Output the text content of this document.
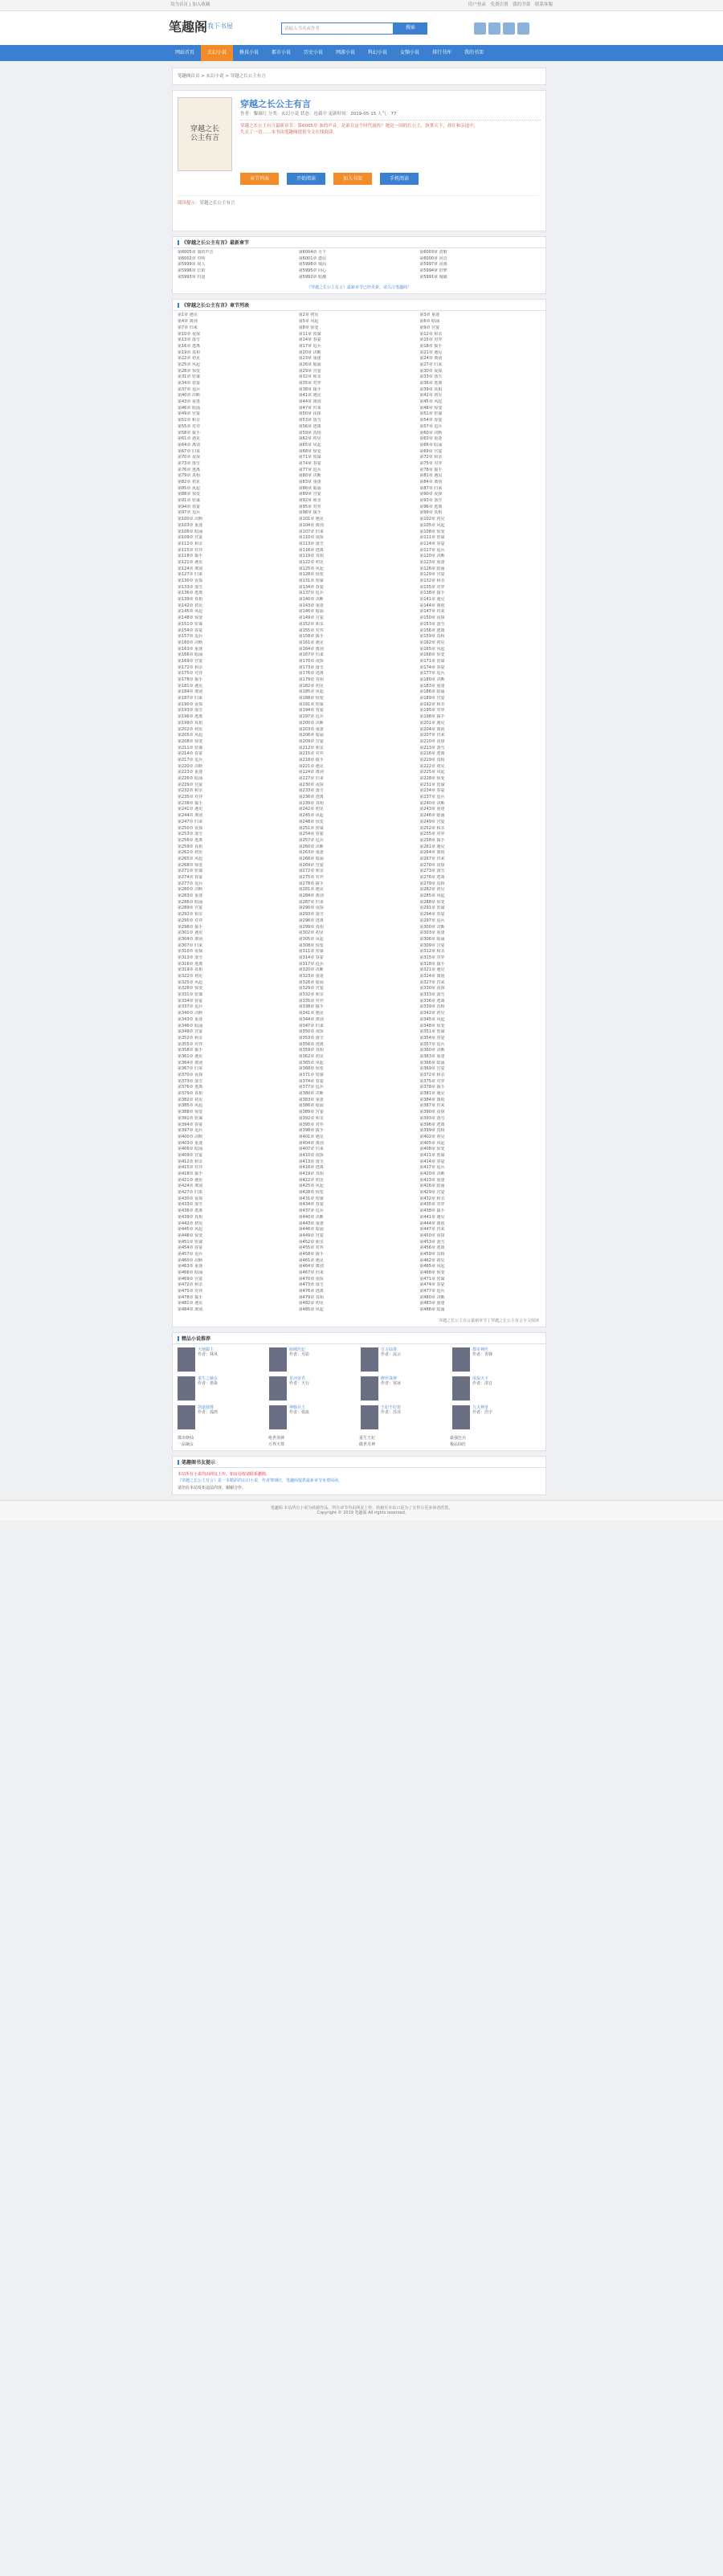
设为首页 | 加入收藏	用户登录 免费注册 我的书架 联系客服
笔趣阁 我下书屋	请输入书名或作者	搜索
网站首页	玄幻小说	修真小说	都市小说	历史小说	网游小说	科幻小说	女频小说	排行书库	我的书架
笔趣阁首页 > 玄幻小说 > 穿越之长公主有言
穿越之长
公主有言
穿越之长公主有言
作者：黎璃红 分类：玄幻小说 状态：连载中 更新时间：2019-05-15 人气：77
穿越之长公主有言最新章节：第6005章 血的声音，是谁在这个时代流传？她是一国的长公主，执掌天下，却在和亲途中，失去了一切……本书由笔趣阁提供全文在线阅读。
章节列表	开始阅读	加入书架	手机阅读
阅读提示：穿越之长公主有言
《穿越之长公主有言》最新章节
第6005章 血的声音	第6004章 月下	第6003章 清歌
第6002章 对峙	第6001章 遗诏	第6000章 回首
第5999章 故人	第5998章 残局	第5997章 夜雨
第5996章 长街	第5995章 问心	第5994章 旧梦
第5993章 归途	第5992章 暗潮	第5991章 城破
《穿越之长公主有言》最新章节已经更新，请关注笔趣阁！
《穿越之长公主有言》章节列表
第1章 遇见	第2章 初见	第3章 重逢
第4章 离别	第5章 风起	第6章 暗涌
第7章 归来	第8章 惊变	第9章 宫宴
第10章 夜探	第11章 密谋	第12章 和亲
第13章 落雪	第14章 春宴	第15章 对弈
第16章 逃离	第17章 追兵	第18章 援手
第19章 真相	第20章 决断	第21章 遇见
第22章 初见	第23章 重逢	第24章 离别
第25章 风起	第26章 暗涌	第27章 归来
第28章 惊变	第29章 宫宴	第30章 夜探
第31章 密谋	第32章 和亲	第33章 落雪
第34章 春宴	第35章 对弈	第36章 逃离
第37章 追兵	第38章 援手	第39章 真相
第40章 决断	第41章 遇见	第42章 初见
第43章 重逢	第44章 离别	第45章 风起
第46章 暗涌	第47章 归来	第48章 惊变
第49章 宫宴	第50章 夜探	第51章 密谋
第52章 和亲	第53章 落雪	第54章 春宴
第55章 对弈	第56章 逃离	第57章 追兵
第58章 援手	第59章 真相	第60章 决断
第61章 遇见	第62章 初见	第63章 重逢
第64章 离别	第65章 风起	第66章 暗涌
第67章 归来	第68章 惊变	第69章 宫宴
第70章 夜探	第71章 密谋	第72章 和亲
第73章 落雪	第74章 春宴	第75章 对弈
第76章 逃离	第77章 追兵	第78章 援手
第79章 真相	第80章 决断	第81章 遇见
第82章 初见	第83章 重逢	第84章 离别
第85章 风起	第86章 暗涌	第87章 归来
第88章 惊变	第89章 宫宴	第90章 夜探
第91章 密谋	第92章 和亲	第93章 落雪
第94章 春宴	第95章 对弈	第96章 逃离
第97章 追兵	第98章 援手	第99章 真相
第100章 决断	第101章 遇见	第102章 初见
第103章 重逢	第104章 离别	第105章 风起
第106章 暗涌	第107章 归来	第108章 惊变
第109章 宫宴	第110章 夜探	第111章 密谋
第112章 和亲	第113章 落雪	第114章 春宴
第115章 对弈	第116章 逃离	第117章 追兵
第118章 援手	第119章 真相	第120章 决断
第121章 遇见	第122章 初见	第123章 重逢
第124章 离别	第125章 风起	第126章 暗涌
第127章 归来	第128章 惊变	第129章 宫宴
第130章 夜探	第131章 密谋	第132章 和亲
第133章 落雪	第134章 春宴	第135章 对弈
第136章 逃离	第137章 追兵	第138章 援手
第139章 真相	第140章 决断	第141章 遇见
第142章 初见	第143章 重逢	第144章 离别
第145章 风起	第146章 暗涌	第147章 归来
第148章 惊变	第149章 宫宴	第150章 夜探
第151章 密谋	第152章 和亲	第153章 落雪
第154章 春宴	第155章 对弈	第156章 逃离
第157章 追兵	第158章 援手	第159章 真相
第160章 决断	第161章 遇见	第162章 初见
第163章 重逢	第164章 离别	第165章 风起
第166章 暗涌	第167章 归来	第168章 惊变
第169章 宫宴	第170章 夜探	第171章 密谋
第172章 和亲	第173章 落雪	第174章 春宴
第175章 对弈	第176章 逃离	第177章 追兵
第178章 援手	第179章 真相	第180章 决断
第181章 遇见	第182章 初见	第183章 重逢
第184章 离别	第185章 风起	第186章 暗涌
第187章 归来	第188章 惊变	第189章 宫宴
第190章 夜探	第191章 密谋	第192章 和亲
第193章 落雪	第194章 春宴	第195章 对弈
第196章 逃离	第197章 追兵	第198章 援手
第199章 真相	第200章 决断	第201章 遇见
第202章 初见	第203章 重逢	第204章 离别
第205章 风起	第206章 暗涌	第207章 归来
第208章 惊变	第209章 宫宴	第210章 夜探
第211章 密谋	第212章 和亲	第213章 落雪
第214章 春宴	第215章 对弈	第216章 逃离
第217章 追兵	第218章 援手	第219章 真相
第220章 决断	第221章 遇见	第222章 初见
第223章 重逢	第224章 离别	第225章 风起
第226章 暗涌	第227章 归来	第228章 惊变
第229章 宫宴	第230章 夜探	第231章 密谋
第232章 和亲	第233章 落雪	第234章 春宴
第235章 对弈	第236章 逃离	第237章 追兵
第238章 援手	第239章 真相	第240章 决断
第241章 遇见	第242章 初见	第243章 重逢
第244章 离别	第245章 风起	第246章 暗涌
第247章 归来	第248章 惊变	第249章 宫宴
第250章 夜探	第251章 密谋	第252章 和亲
第253章 落雪	第254章 春宴	第255章 对弈
第256章 逃离	第257章 追兵	第258章 援手
第259章 真相	第260章 决断	第261章 遇见
第262章 初见	第263章 重逢	第264章 离别
第265章 风起	第266章 暗涌	第267章 归来
第268章 惊变	第269章 宫宴	第270章 夜探
第271章 密谋	第272章 和亲	第273章 落雪
第274章 春宴	第275章 对弈	第276章 逃离
第277章 追兵	第278章 援手	第279章 真相
第280章 决断	第281章 遇见	第282章 初见
第283章 重逢	第284章 离别	第285章 风起
第286章 暗涌	第287章 归来	第288章 惊变
第289章 宫宴	第290章 夜探	第291章 密谋
第292章 和亲	第293章 落雪	第294章 春宴
第295章 对弈	第296章 逃离	第297章 追兵
第298章 援手	第299章 真相	第300章 决断
第301章 遇见	第302章 初见	第303章 重逢
第304章 离别	第305章 风起	第306章 暗涌
第307章 归来	第308章 惊变	第309章 宫宴
第310章 夜探	第311章 密谋	第312章 和亲
第313章 落雪	第314章 春宴	第315章 对弈
第316章 逃离	第317章 追兵	第318章 援手
第319章 真相	第320章 决断	第321章 遇见
第322章 初见	第323章 重逢	第324章 离别
第325章 风起	第326章 暗涌	第327章 归来
第328章 惊变	第329章 宫宴	第330章 夜探
第331章 密谋	第332章 和亲	第333章 落雪
第334章 春宴	第335章 对弈	第336章 逃离
第337章 追兵	第338章 援手	第339章 真相
第340章 决断	第341章 遇见	第342章 初见
第343章 重逢	第344章 离别	第345章 风起
第346章 暗涌	第347章 归来	第348章 惊变
第349章 宫宴	第350章 夜探	第351章 密谋
第352章 和亲	第353章 落雪	第354章 春宴
第355章 对弈	第356章 逃离	第357章 追兵
第358章 援手	第359章 真相	第360章 决断
第361章 遇见	第362章 初见	第363章 重逢
第364章 离别	第365章 风起	第366章 暗涌
第367章 归来	第368章 惊变	第369章 宫宴
第370章 夜探	第371章 密谋	第372章 和亲
第373章 落雪	第374章 春宴	第375章 对弈
第376章 逃离	第377章 追兵	第378章 援手
第379章 真相	第380章 决断	第381章 遇见
第382章 初见	第383章 重逢	第384章 离别
第385章 风起	第386章 暗涌	第387章 归来
第388章 惊变	第389章 宫宴	第390章 夜探
第391章 密谋	第392章 和亲	第393章 落雪
第394章 春宴	第395章 对弈	第396章 逃离
第397章 追兵	第398章 援手	第399章 真相
第400章 决断	第401章 遇见	第402章 初见
第403章 重逢	第404章 离别	第405章 风起
第406章 暗涌	第407章 归来	第408章 惊变
第409章 宫宴	第410章 夜探	第411章 密谋
第412章 和亲	第413章 落雪	第414章 春宴
第415章 对弈	第416章 逃离	第417章 追兵
第418章 援手	第419章 真相	第420章 决断
第421章 遇见	第422章 初见	第423章 重逢
第424章 离别	第425章 风起	第426章 暗涌
第427章 归来	第428章 惊变	第429章 宫宴
第430章 夜探	第431章 密谋	第432章 和亲
第433章 落雪	第434章 春宴	第435章 对弈
第436章 逃离	第437章 追兵	第438章 援手
第439章 真相	第440章 决断	第441章 遇见
第442章 初见	第443章 重逢	第444章 离别
第445章 风起	第446章 暗涌	第447章 归来
第448章 惊变	第449章 宫宴	第450章 夜探
第451章 密谋	第452章 和亲	第453章 落雪
第454章 春宴	第455章 对弈	第456章 逃离
第457章 追兵	第458章 援手	第459章 真相
第460章 决断	第461章 遇见	第462章 初见
第463章 重逢	第464章 离别	第465章 风起
第466章 暗涌	第467章 归来	第468章 惊变
第469章 宫宴	第470章 夜探	第471章 密谋
第472章 和亲	第473章 落雪	第474章 春宴
第475章 对弈	第476章 逃离	第477章 追兵
第478章 援手	第479章 真相	第480章 决断
第481章 遇见	第482章 初见	第483章 重逢
第484章 离别	第485章 风起	第486章 暗涌
穿越之长公主有言最新章节 | 穿越之长公主有言全文阅读
精品小说推荐
天地霸主
作者：林风
倾城医妃
作者：月影
万古仙尊
作者：流云
都市神医
作者：青锋
重生之嫡女
作者：墨染
星河帝君
作者：天行
修罗战神
作者：寒冰
凤临天下
作者：清音
剑道独尊
作者：孤鸿
神级兵王
作者：铁血
王妃不好惹
作者：苏沫
九天神皇
作者：浩宇
都市修仙	绝世剑神	重生王妃	最强狂兵
一品嫡女	万界天尊	傲世丹神	极品仙医
笔趣阁书友提示
本站所有小说均由网友上传，如有侵权请联系删除。
《穿越之长公主有言》是一本精彩的玄幻小说，作者黎璃红，笔趣阁提供最新章节免费阅读。
请勿在本站发布违法内容，谢谢合作。
笔趣阁 本站所有小说为转载作品，所有章节均由网友上传，转载至本站只是为了宣传让更多读者欣赏。
Copyright © 2019 笔趣阁 All rights reserved.
